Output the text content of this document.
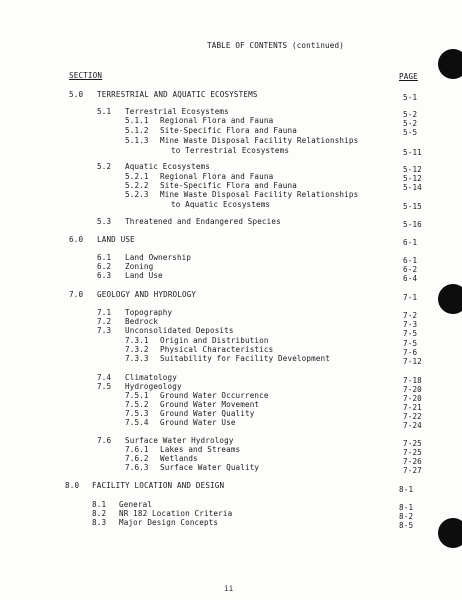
TABLE OF CONTENTS (continued)
SECTION	PAGE
5.0 TERRESTRIAL AND AQUATIC ECOSYSTEMS	5-1
5.1 Terrestrial Ecosystems	5-2
5.1.1 Regional Flora and Fauna	5-2
5.1.2 Site-Specific Flora and Fauna	5-5
5.1.3 Mine Waste Disposal Facility Relationships
to Terrestrial Ecosystems	5-11
5.2 Aquatic Ecosystems	5-12
5.2.1 Regional Flora and Fauna	5-12
5.2.2 Site-Specific Flora and Fauna	5-14
5.2.3 Mine Waste Disposal Facility Relationships
to Aquatic Ecosystems	5-15
5.3 Threatened and Endangered Species	5-16
6.0 LAND USE	6-1
6.1 Land Ownership	6-1
6.2 Zoning	6-2
6.3 Land Use	6-4
7.0 GEOLOGY AND HYDROLOGY	7-1
7.1 Topography	7-2
7.2 Bedrock	7-3
7.3 Unconsolidated Deposits	7-5
7.3.1 Origin and Distribution	7-5
7.3.2 Physical Characteristics	7-6
7.3.3 Suitability for Facility Development	7-12
7.4 Climatology	7-18
7.5 Hydrogeology	7-20
7.5.1 Ground Water Occurrence	7-20
7.5.2 Ground Water Movement	7-21
7.5.3 Ground Water Quality	7-22
7.5.4 Ground Water Use	7-24
7.6 Surface Water Hydrology	7-25
7.6.1 Lakes and Streams	7-25
7.6.2 Wetlands	7-26
7.6.3 Surface Water Quality	7-27
8.0 FACILITY LOCATION AND DESIGN	8-1
8.1 General	8-1
8.2 NR 182 Location Criteria	8-2
8.3 Major Design Concepts	8-5
ii
